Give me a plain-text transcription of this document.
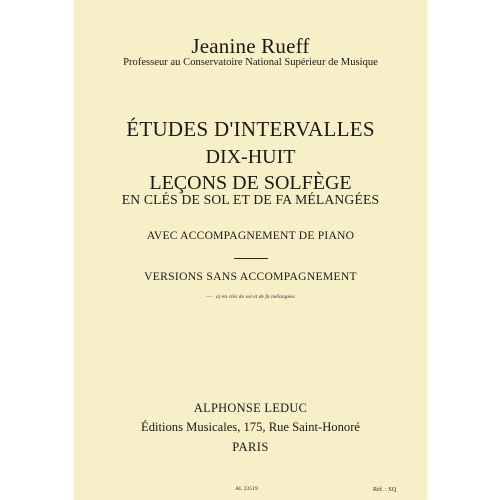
Jeanine Rueff
Professeur au Conservatoire National Supérieur de Musique
ÉTUDES D'INTERVALLES
DIX-HUIT
LEÇONS DE SOLFÈGE
EN CLÉS DE SOL ET DE FA MÉLANGÉES
AVEC ACCOMPAGNEMENT DE PIANO
VERSIONS SANS ACCOMPAGNEMENT
— a) en clés de sol et de fa mélangées
ALPHONSE LEDUC
Éditions Musicales, 175, Rue Saint-Honoré
PARIS
AL 23519	Réf. : SQ
